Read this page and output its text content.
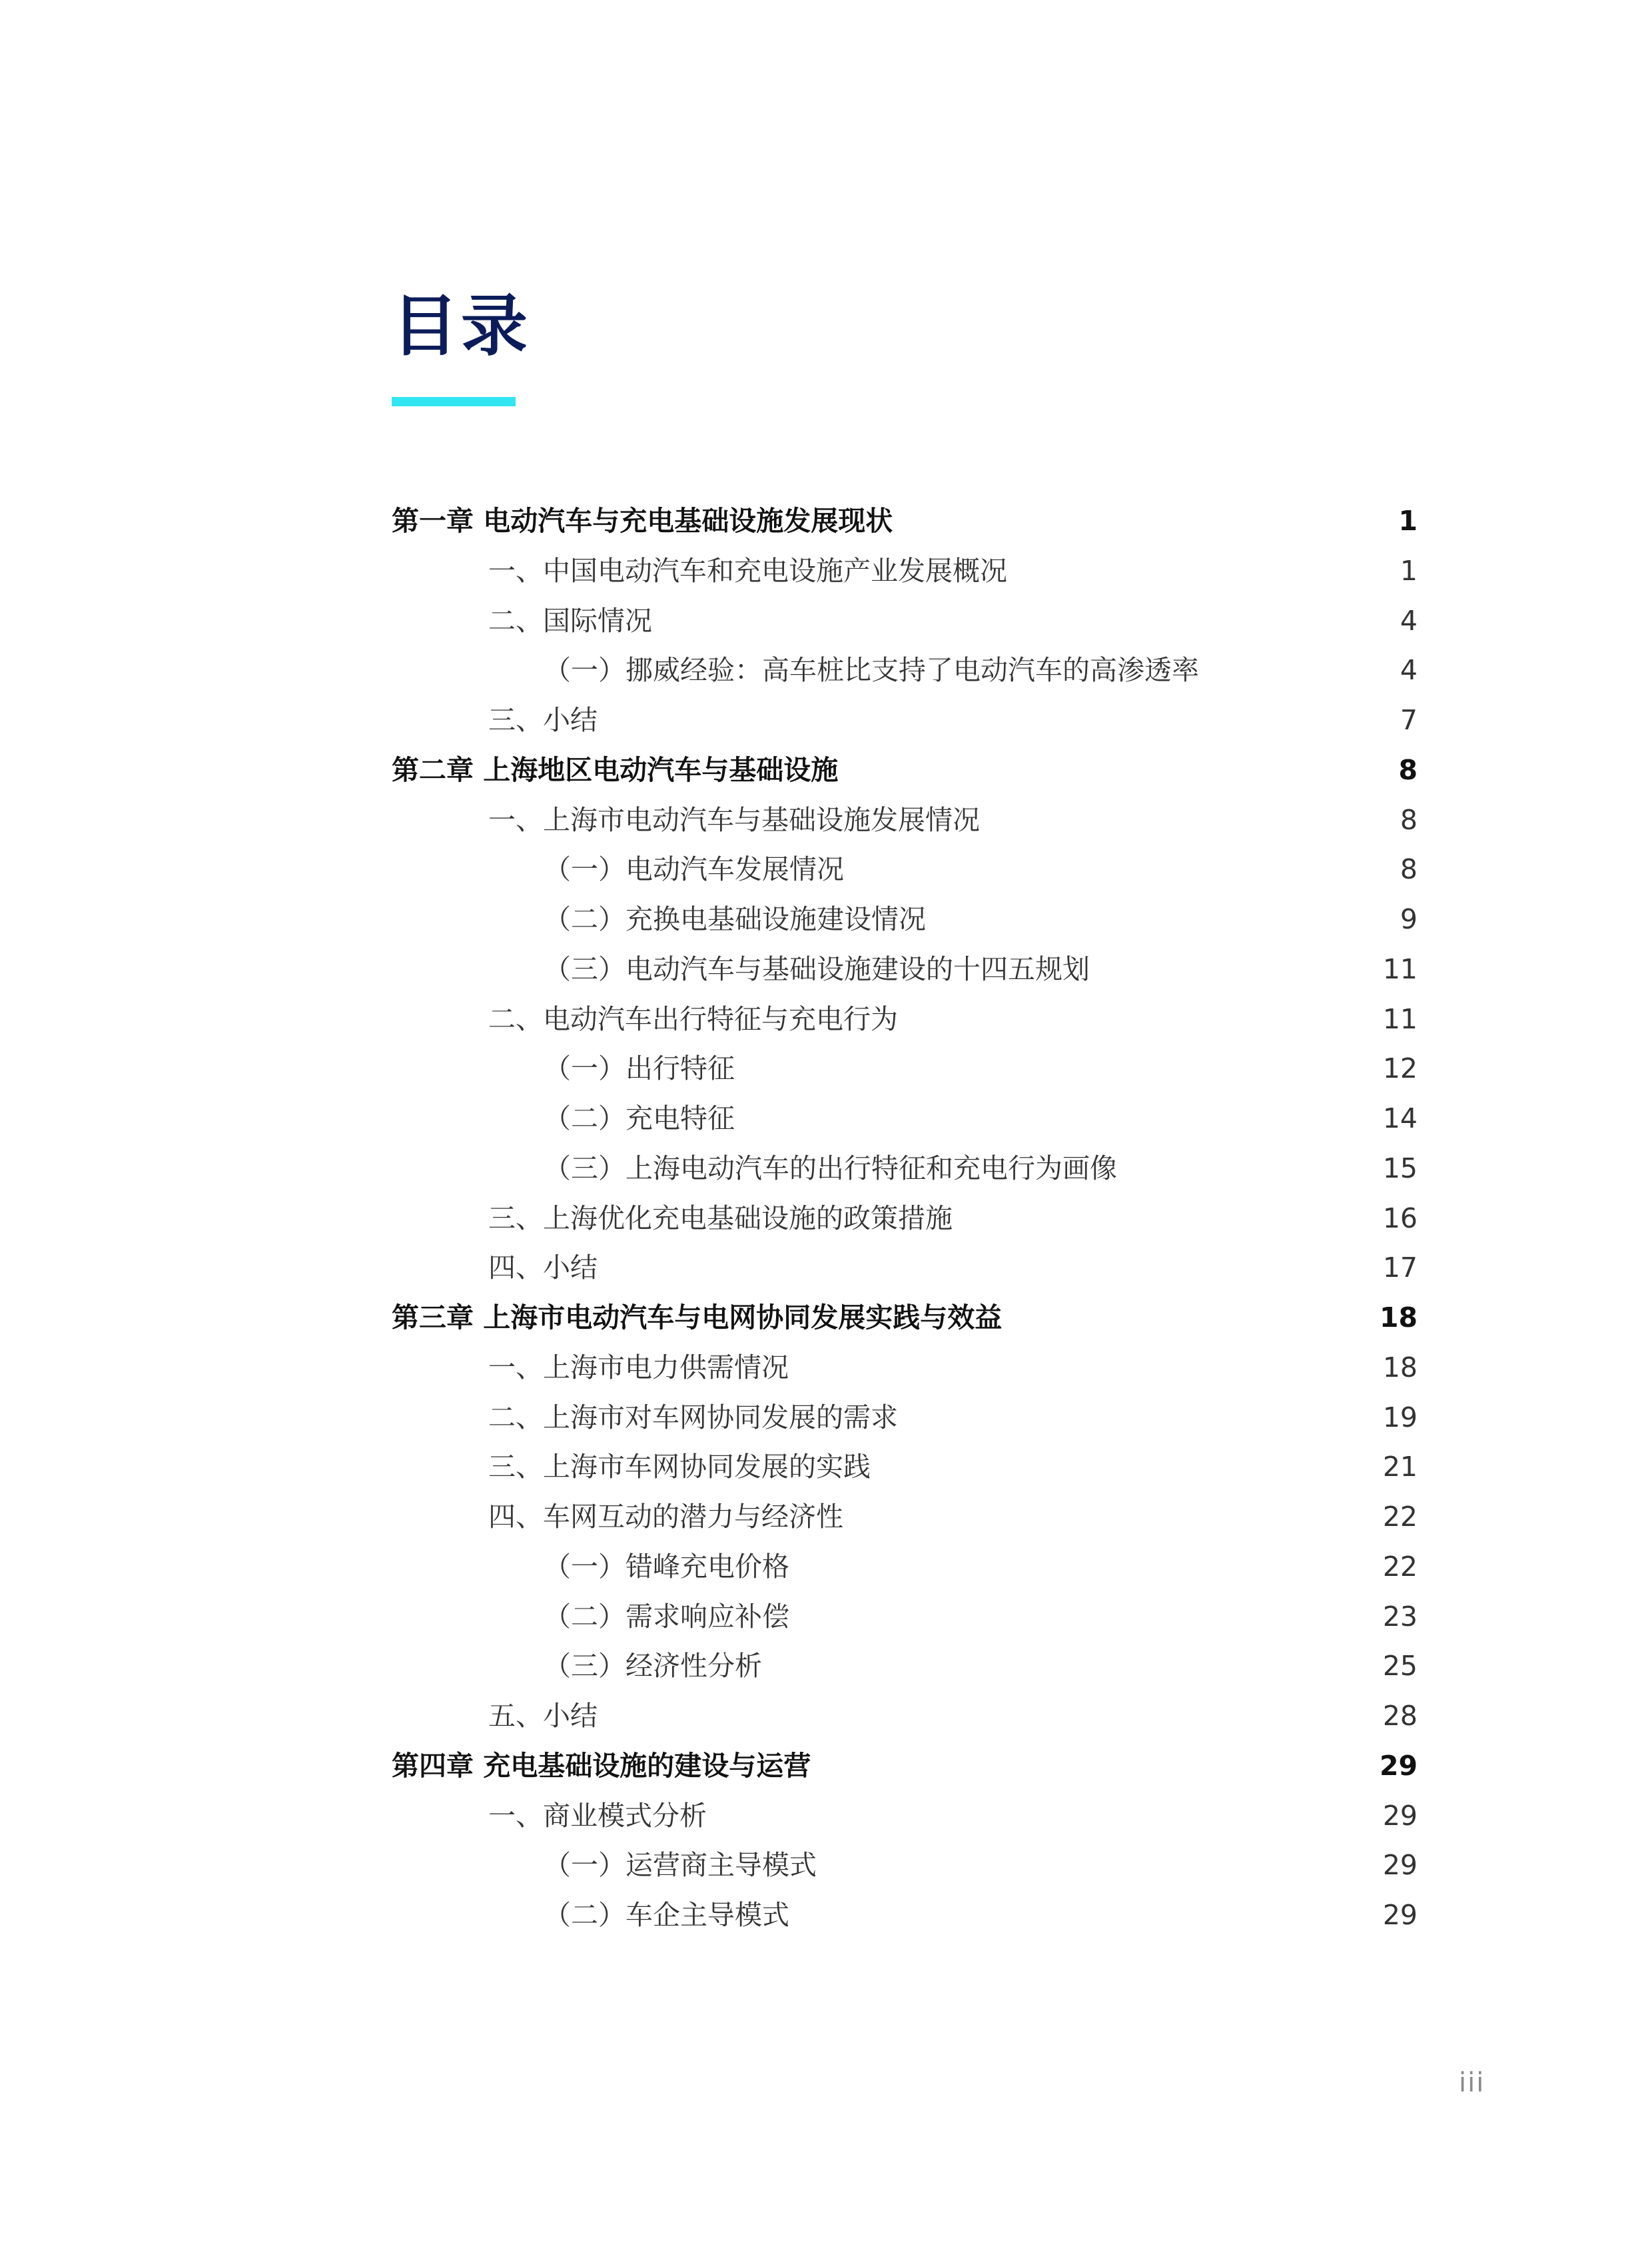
目录
第一章 电动汽车与充电基础设施发展现状	1
一、中国电动汽车和充电设施产业发展概况	1
二、国际情况	4
（一）挪威经验：高车桩比支持了电动汽车的高渗透率	4
三、小结	7
第二章 上海地区电动汽车与基础设施	8
一、上海市电动汽车与基础设施发展情况	8
（一）电动汽车发展情况	8
（二）充换电基础设施建设情况	9
（三）电动汽车与基础设施建设的十四五规划	11
二、电动汽车出行特征与充电行为	11
（一）出行特征	12
（二）充电特征	14
（三）上海电动汽车的出行特征和充电行为画像	15
三、上海优化充电基础设施的政策措施	16
四、小结	17
第三章 上海市电动汽车与电网协同发展实践与效益	18
一、上海市电力供需情况	18
二、上海市对车网协同发展的需求	19
三、上海市车网协同发展的实践	21
四、车网互动的潜力与经济性	22
（一）错峰充电价格	22
（二）需求响应补偿	23
（三）经济性分析	25
五、小结	28
第四章 充电基础设施的建设与运营	29
一、商业模式分析	29
（一）运营商主导模式	29
（二）车企主导模式	29
iii
